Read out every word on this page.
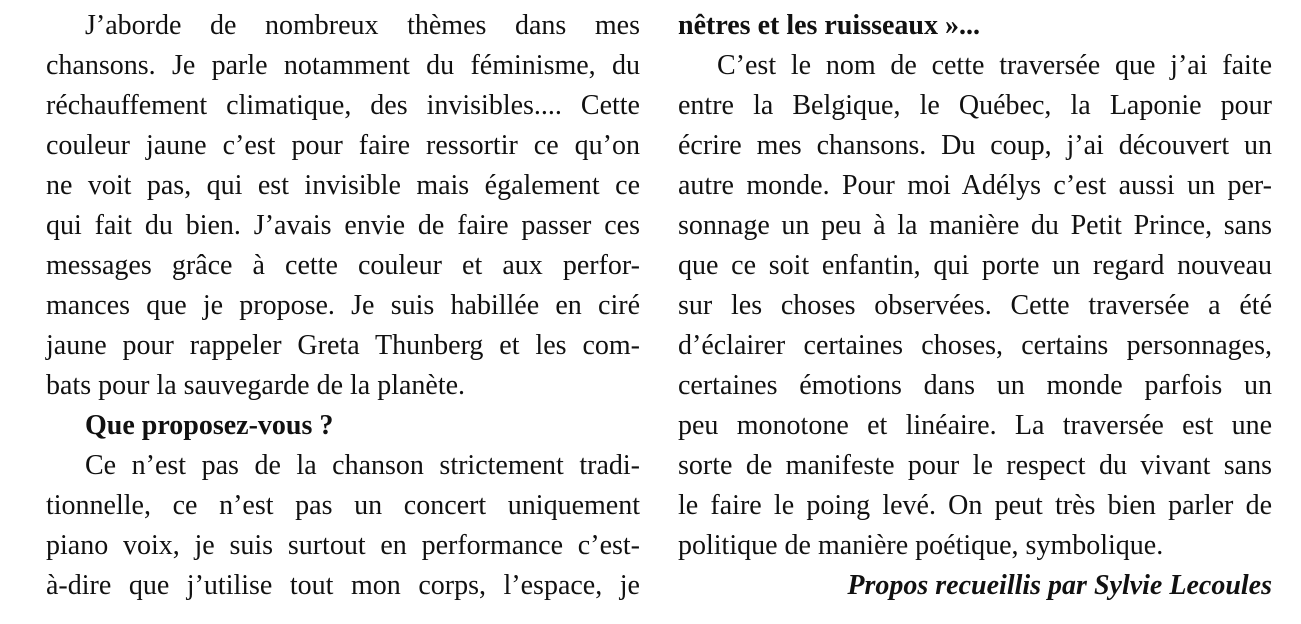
J’aborde de nombreux thèmes dans mes
chansons. Je parle notamment du féminisme, du
réchauffement climatique, des invisibles.... Cette
couleur jaune c’est pour faire ressortir ce qu’on
ne voit pas, qui est invisible mais également ce
qui fait du bien. J’avais envie de faire passer ces
messages grâce à cette couleur et aux perfor-
mances que je propose. Je suis habillée en ciré
jaune pour rappeler Greta Thunberg et les com-
bats pour la sauvegarde de la planète.
Que proposez-vous ?
Ce n’est pas de la chanson strictement tradi-
tionnelle, ce n’est pas un concert uniquement
piano voix, je suis surtout en performance c’est-
à-dire que j’utilise tout mon corps, l’espace, je
nêtres et les ruisseaux »...
C’est le nom de cette traversée que j’ai faite
entre la Belgique, le Québec, la Laponie pour
écrire mes chansons. Du coup, j’ai découvert un
autre monde. Pour moi Adélys c’est aussi un per-
sonnage un peu à la manière du Petit Prince, sans
que ce soit enfantin, qui porte un regard nouveau
sur les choses observées. Cette traversée a été
d’éclairer certaines choses, certains personnages,
certaines émotions dans un monde parfois un
peu monotone et linéaire. La traversée est une
sorte de manifeste pour le respect du vivant sans
le faire le poing levé. On peut très bien parler de
politique de manière poétique, symbolique.
Propos recueillis par Sylvie Lecoules
